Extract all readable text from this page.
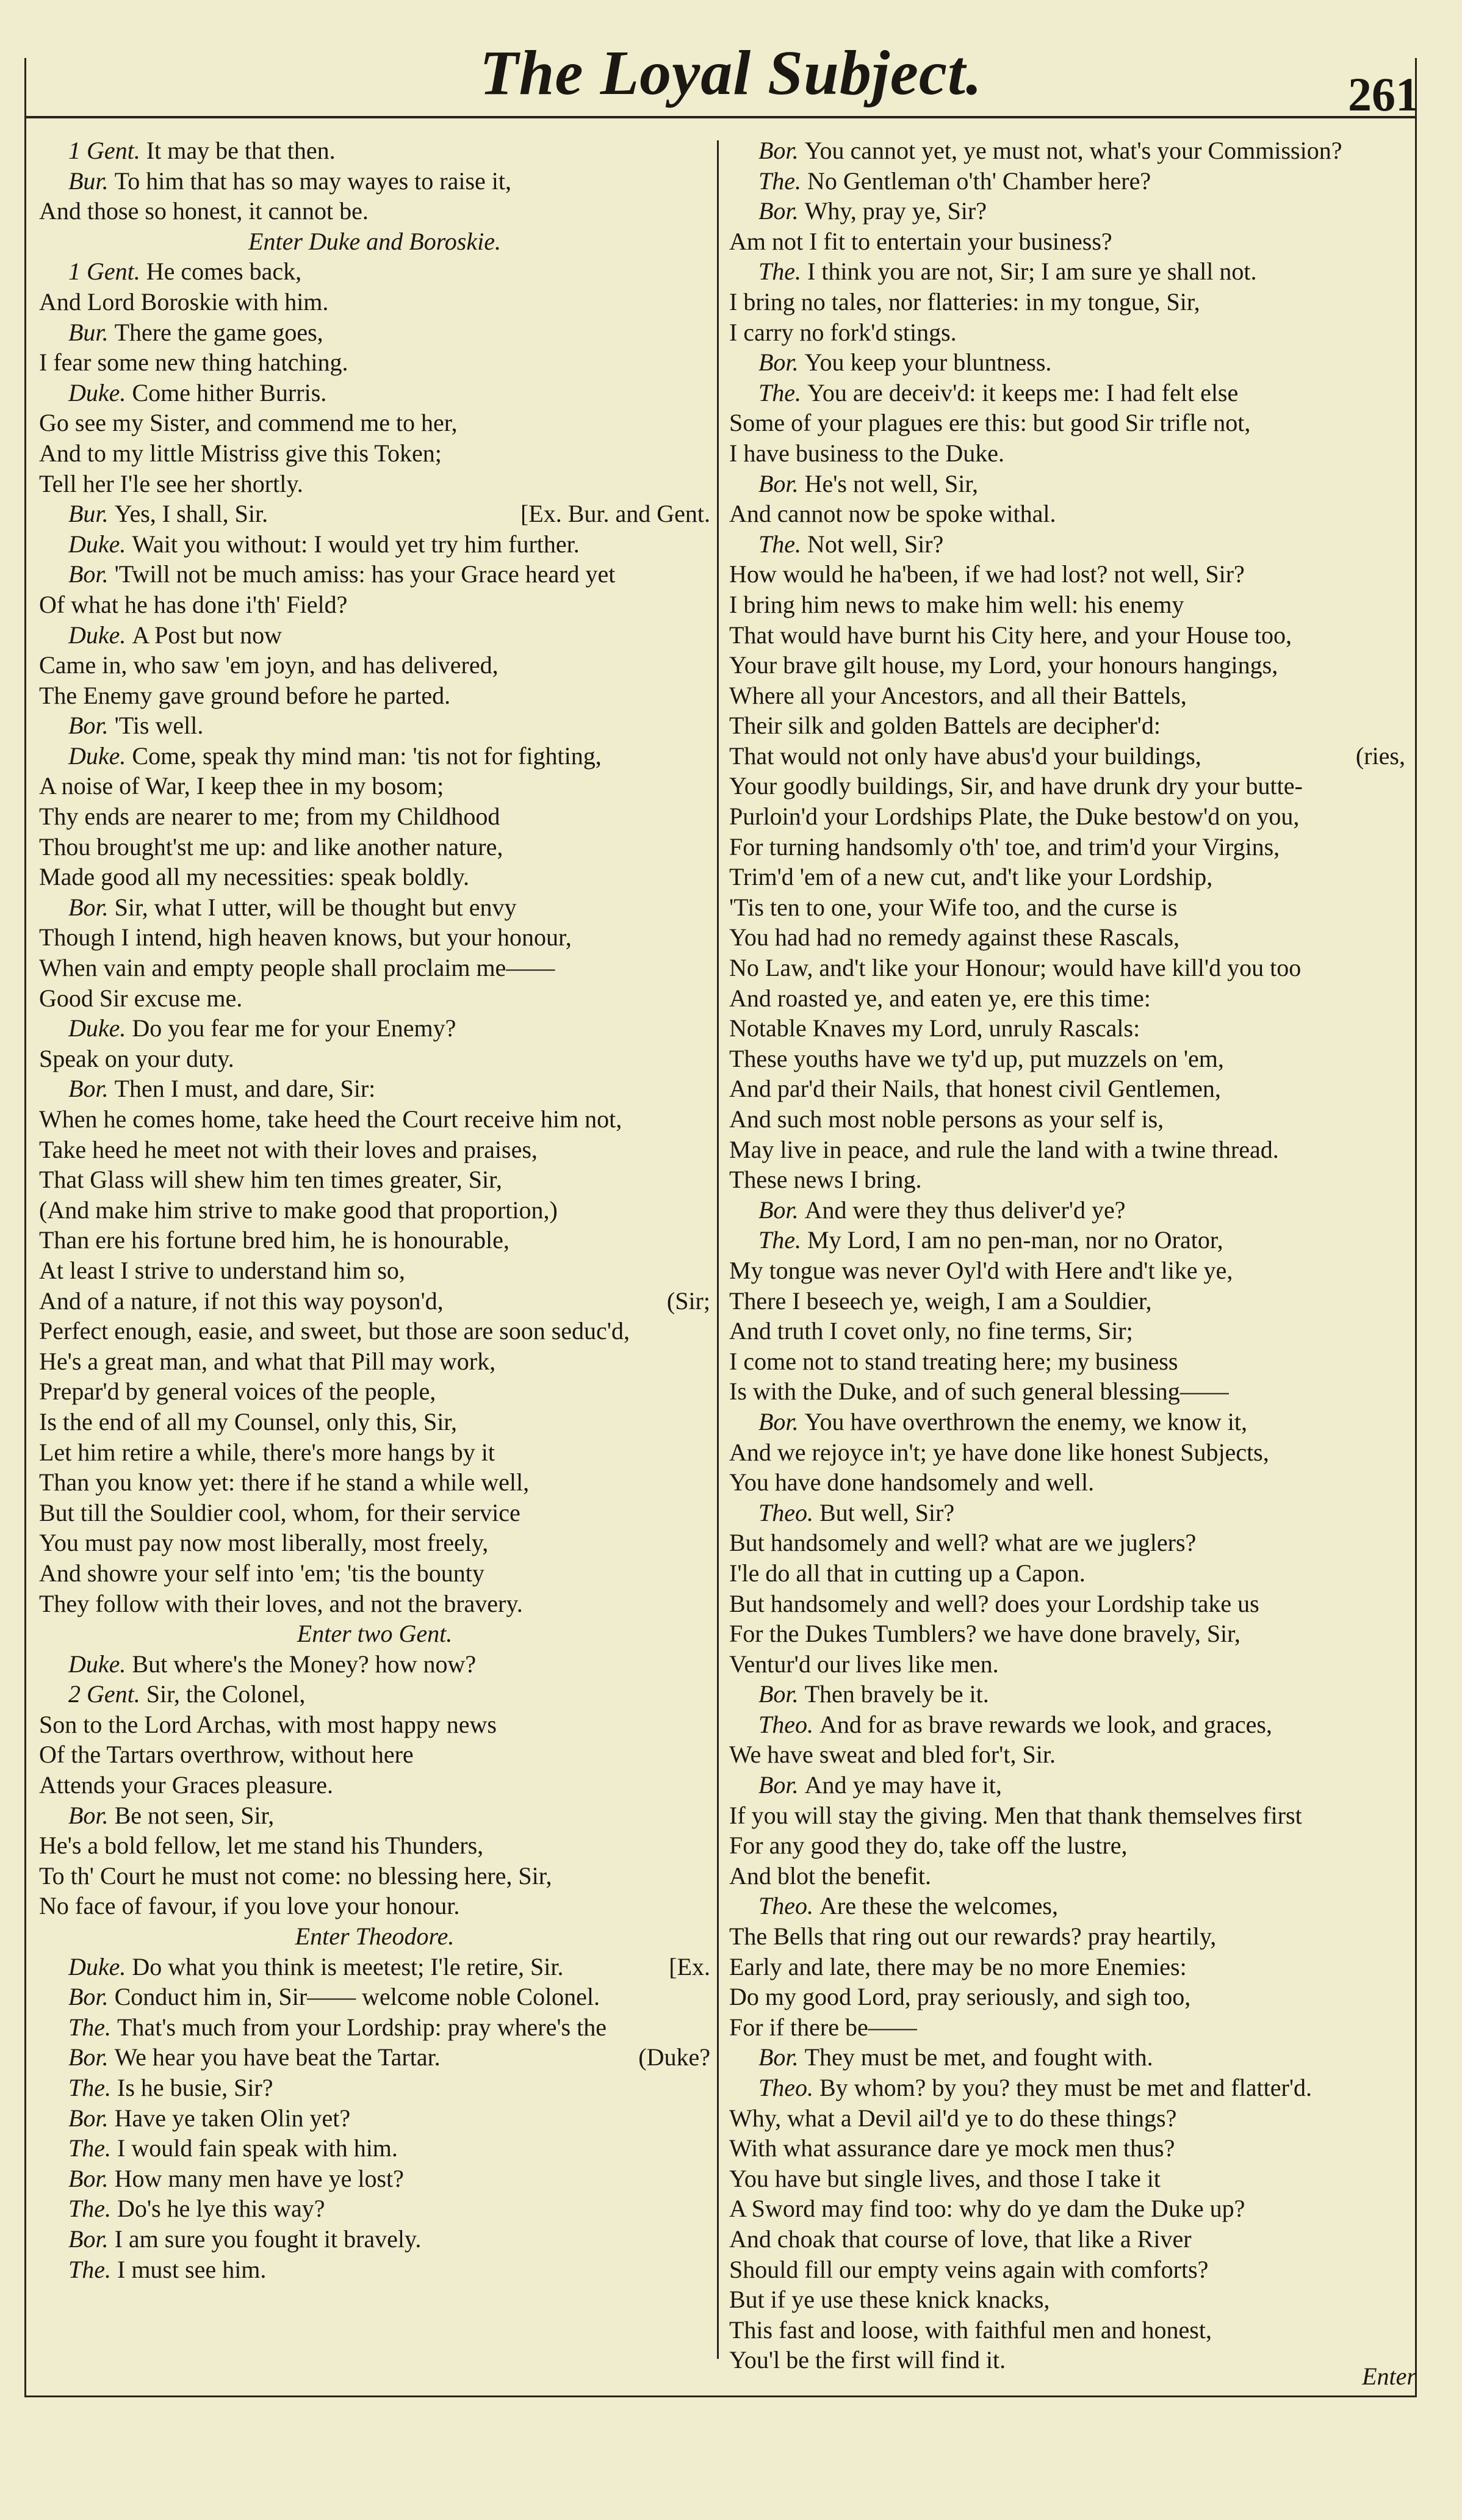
The Loyal Subject.	261
1 Gent. It may be that then.
Bur. To him that has so may wayes to raise it,
And those so honest, it cannot be.
Enter Duke and Boroskie.
1 Gent. He comes back,
And Lord Boroskie with him.
Bur. There the game goes,
I fear some new thing hatching.
Duke. Come hither Burris.
Go see my Sister, and commend me to her,
And to my little Mistriss give this Token;
Tell her I'le see her shortly.
Bur. Yes, I shall, Sir.	[Ex. Bur. and Gent.
Duke. Wait you without: I would yet try him further.
Bor. 'Twill not be much amiss: has your Grace heard yet
Of what he has done i'th' Field?
Duke. A Post but now
Came in, who saw 'em joyn, and has delivered,
The Enemy gave ground before he parted.
Bor. 'Tis well.
Duke. Come, speak thy mind man: 'tis not for fighting,
A noise of War, I keep thee in my bosom;
Thy ends are nearer to me; from my Childhood
Thou brought'st me up: and like another nature,
Made good all my necessities: speak boldly.
Bor. Sir, what I utter, will be thought but envy
Though I intend, high heaven knows, but your honour,
When vain and empty people shall proclaim me——
Good Sir excuse me.
Duke. Do you fear me for your Enemy?
Speak on your duty.
Bor. Then I must, and dare, Sir:
When he comes home, take heed the Court receive him not,
Take heed he meet not with their loves and praises,
That Glass will shew him ten times greater, Sir,
(And make him strive to make good that proportion,)
Than ere his fortune bred him, he is honourable,
At least I strive to understand him so,
And of a nature, if not this way poyson'd,	(Sir;
Perfect enough, easie, and sweet, but those are soon seduc'd,
He's a great man, and what that Pill may work,
Prepar'd by general voices of the people,
Is the end of all my Counsel, only this, Sir,
Let him retire a while, there's more hangs by it
Than you know yet: there if he stand a while well,
But till the Souldier cool, whom, for their service
You must pay now most liberally, most freely,
And showre your self into 'em; 'tis the bounty
They follow with their loves, and not the bravery.
Enter two Gent.
Duke. But where's the Money? how now?
2 Gent. Sir, the Colonel,
Son to the Lord Archas, with most happy news
Of the Tartars overthrow, without here
Attends your Graces pleasure.
Bor. Be not seen, Sir,
He's a bold fellow, let me stand his Thunders,
To th' Court he must not come: no blessing here, Sir,
No face of favour, if you love your honour.
Enter Theodore.
Duke. Do what you think is meetest; I'le retire, Sir.	[Ex.
Bor. Conduct him in, Sir—— welcome noble Colonel.
The. That's much from your Lordship: pray where's the
Bor. We hear you have beat the Tartar.	(Duke?
The. Is he busie, Sir?
Bor. Have ye taken Olin yet?
The. I would fain speak with him.
Bor. How many men have ye lost?
The. Do's he lye this way?
Bor. I am sure you fought it bravely.
The. I must see him.
Bor. You cannot yet, ye must not, what's your Commission?
The. No Gentleman o'th' Chamber here?
Bor. Why, pray ye, Sir?
Am not I fit to entertain your business?
The. I think you are not, Sir; I am sure ye shall not.
I bring no tales, nor flatteries: in my tongue, Sir,
I carry no fork'd stings.
Bor. You keep your bluntness.
The. You are deceiv'd: it keeps me: I had felt else
Some of your plagues ere this: but good Sir trifle not,
I have business to the Duke.
Bor. He's not well, Sir,
And cannot now be spoke withal.
The. Not well, Sir?
How would he ha'been, if we had lost? not well, Sir?
I bring him news to make him well: his enemy
That would have burnt his City here, and your House too,
Your brave gilt house, my Lord, your honours hangings,
Where all your Ancestors, and all their Battels,
Their silk and golden Battels are decipher'd:
That would not only have abus'd your buildings,	(ries,
Your goodly buildings, Sir, and have drunk dry your butte-
Purloin'd your Lordships Plate, the Duke bestow'd on you,
For turning handsomly o'th' toe, and trim'd your Virgins,
Trim'd 'em of a new cut, and't like your Lordship,
'Tis ten to one, your Wife too, and the curse is
You had had no remedy against these Rascals,
No Law, and't like your Honour; would have kill'd you too
And roasted ye, and eaten ye, ere this time:
Notable Knaves my Lord, unruly Rascals:
These youths have we ty'd up, put muzzels on 'em,
And par'd their Nails, that honest civil Gentlemen,
And such most noble persons as your self is,
May live in peace, and rule the land with a twine thread.
These news I bring.
Bor. And were they thus deliver'd ye?
The. My Lord, I am no pen-man, nor no Orator,
My tongue was never Oyl'd with Here and't like ye,
There I beseech ye, weigh, I am a Souldier,
And truth I covet only, no fine terms, Sir;
I come not to stand treating here; my business
Is with the Duke, and of such general blessing——
Bor. You have overthrown the enemy, we know it,
And we rejoyce in't; ye have done like honest Subjects,
You have done handsomely and well.
Theo. But well, Sir?
But handsomely and well? what are we juglers?
I'le do all that in cutting up a Capon.
But handsomely and well? does your Lordship take us
For the Dukes Tumblers? we have done bravely, Sir,
Ventur'd our lives like men.
Bor. Then bravely be it.
Theo. And for as brave rewards we look, and graces,
We have sweat and bled for't, Sir.
Bor. And ye may have it,
If you will stay the giving. Men that thank themselves first
For any good they do, take off the lustre,
And blot the benefit.
Theo. Are these the welcomes,
The Bells that ring out our rewards? pray heartily,
Early and late, there may be no more Enemies:
Do my good Lord, pray seriously, and sigh too,
For if there be——
Bor. They must be met, and fought with.
Theo. By whom? by you? they must be met and flatter'd.
Why, what a Devil ail'd ye to do these things?
With what assurance dare ye mock men thus?
You have but single lives, and those I take it
A Sword may find too: why do ye dam the Duke up?
And choak that course of love, that like a River
Should fill our empty veins again with comforts?
But if ye use these knick knacks,
This fast and loose, with faithful men and honest,
You'l be the first will find it.
Enter
